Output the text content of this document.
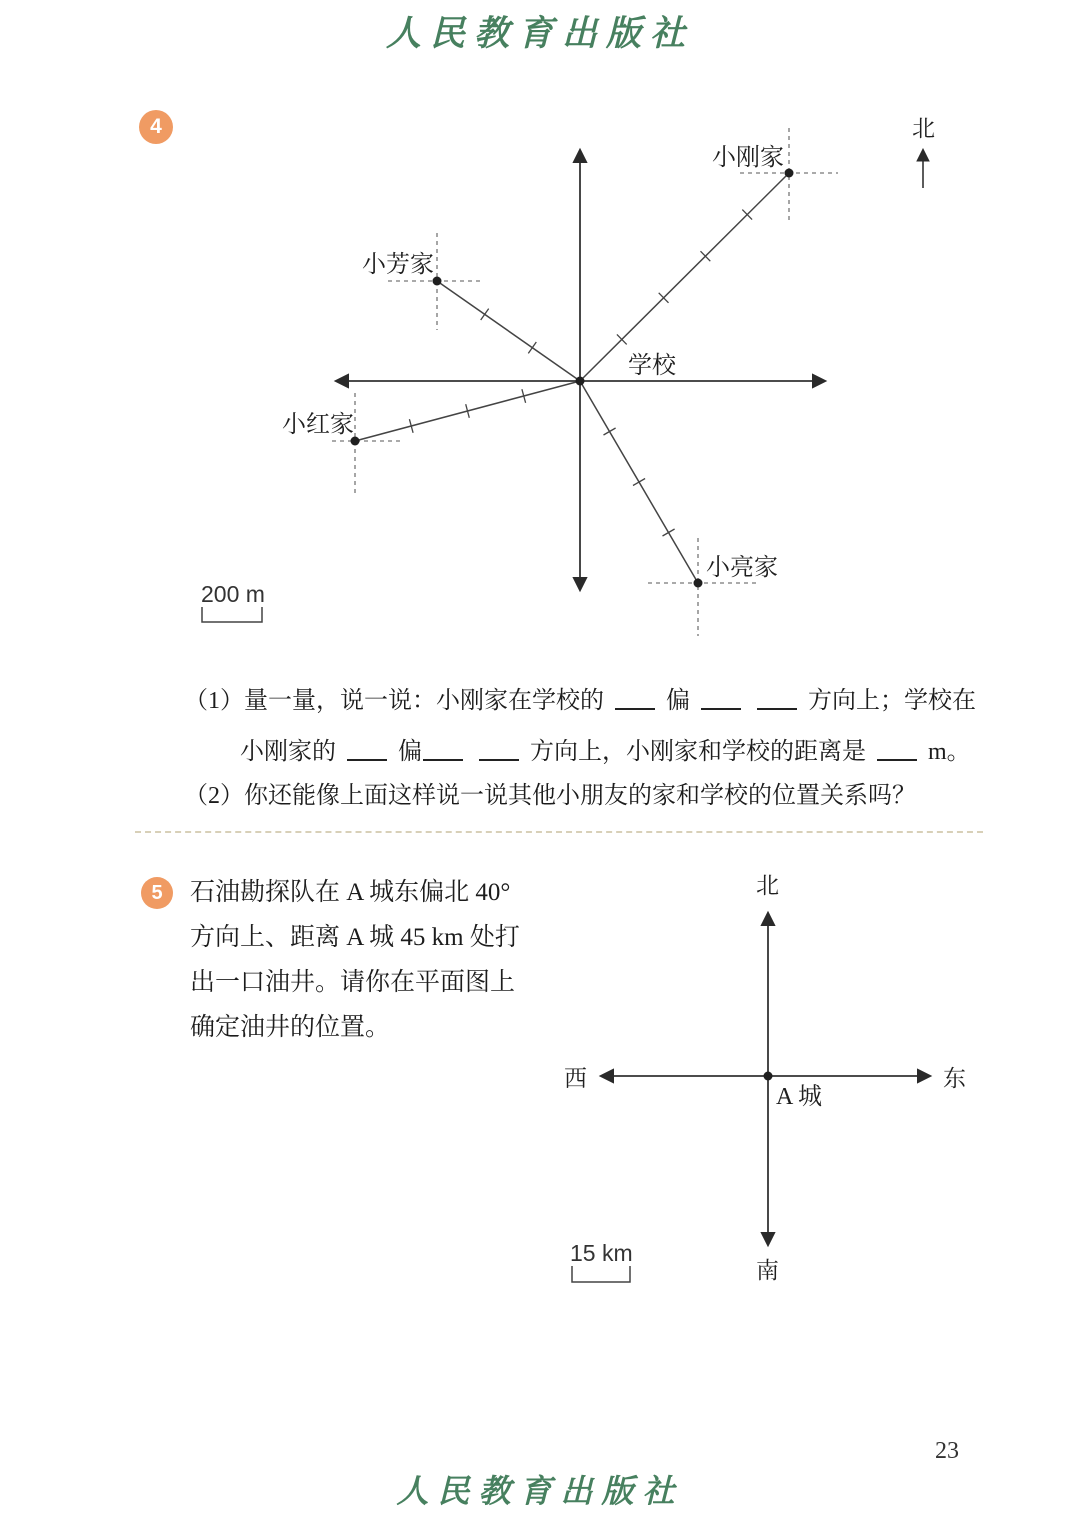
人民教育出版社
北
小刚家
小芳家
小红家
小亮家
学校
200 m
4
（1）量一量，说一说：小刚家在学校的	偏	方向上；学校在
小刚家的	偏	方向上，小刚家和学校的距离是	m。
（2）你还能像上面这样说一说其他小朋友的家和学校的位置关系吗？
5	石油勘探队在 A 城东偏北 40°
方向上、距离 A 城 45 km 处打
出一口油井。请你在平面图上
确定油井的位置。
北
南
西	东
A 城
15 km
23
人民教育出版社
